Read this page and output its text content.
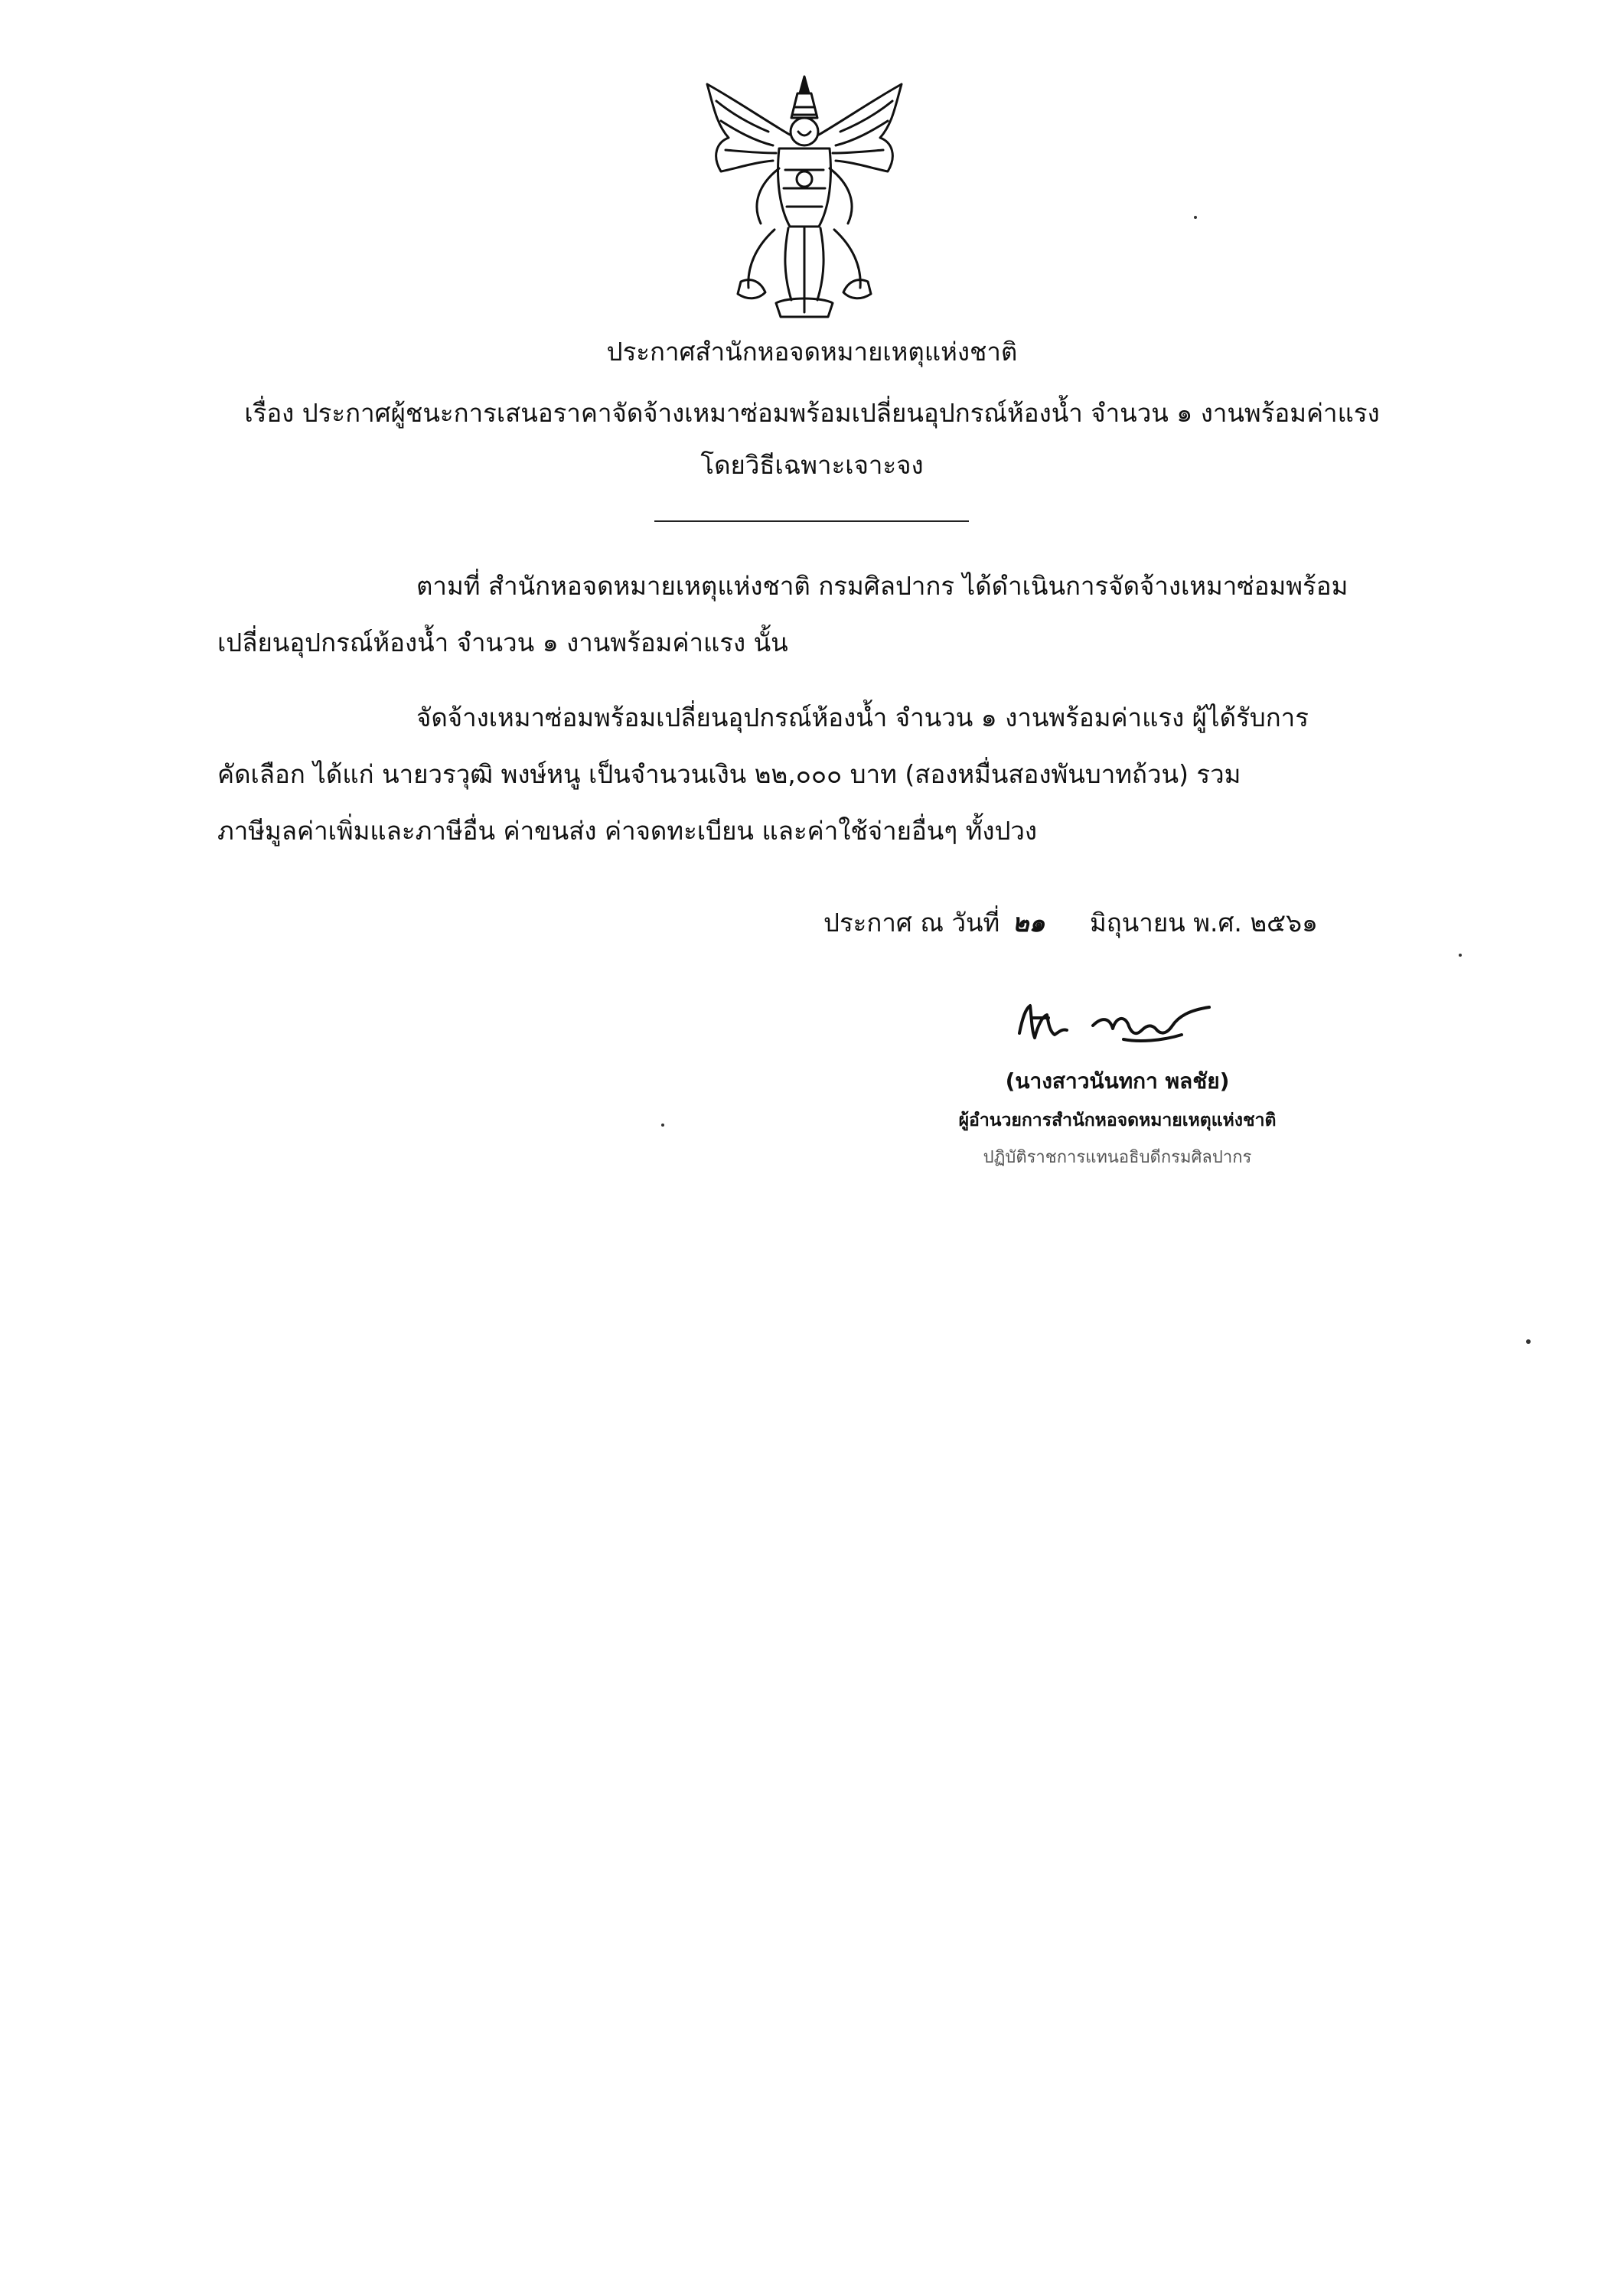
ประกาศสำนักหอจดหมายเหตุแห่งชาติ
เรื่อง ประกาศผู้ชนะการเสนอราคาจัดจ้างเหมาซ่อมพร้อมเปลี่ยนอุปกรณ์ห้องน้ำ จำนวน ๑ งานพร้อมค่าแรง
โดยวิธีเฉพาะเจาะจง
ตามที่ สำนักหอจดหมายเหตุแห่งชาติ กรมศิลปากร ได้ดำเนินการจัดจ้างเหมาซ่อมพร้อม
เปลี่ยนอุปกรณ์ห้องน้ำ จำนวน ๑ งานพร้อมค่าแรง นั้น
จัดจ้างเหมาซ่อมพร้อมเปลี่ยนอุปกรณ์ห้องน้ำ จำนวน ๑ งานพร้อมค่าแรง ผู้ได้รับการ
คัดเลือก ได้แก่ นายวรวุฒิ พงษ์หนู เป็นจำนวนเงิน ๒๒,๐๐๐ บาท (สองหมื่นสองพันบาทถ้วน) รวม
ภาษีมูลค่าเพิ่มและภาษีอื่น ค่าขนส่ง ค่าจดทะเบียน และค่าใช้จ่ายอื่นๆ ทั้งปวง
ประกาศ ณ วันที่ ๒๑ มิถุนายน พ.ศ. ๒๕๖๑
(นางสาวนันทกา พลชัย)
ผู้อำนวยการสำนักหอจดหมายเหตุแห่งชาติ
ปฏิบัติราชการแทนอธิบดีกรมศิลปากร
